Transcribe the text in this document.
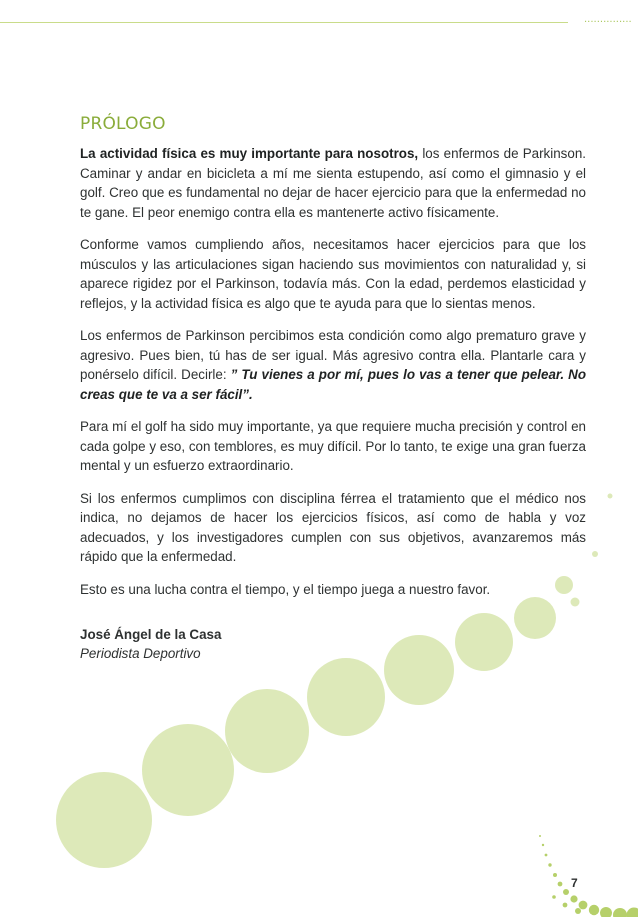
...............
PRÓLOGO

La actividad física es muy importante para nosotros, los enfermos de Parkinson. Caminar y andar en bicicleta a mí me sienta estupendo, así como el gimnasio y el golf. Creo que es fundamental no dejar de hacer ejercicio para que la enfermedad no te gane. El peor enemigo contra ella es mantenerte activo físicamente.

Conforme vamos cumpliendo años, necesitamos hacer ejercicios para que los músculos y las articulaciones sigan haciendo sus movimientos con naturalidad y, si aparece rigidez por el Parkinson, todavía más. Con la edad, perdemos elasticidad y reflejos, y la actividad física es algo que te ayuda para que lo sientas menos.

Los enfermos de Parkinson percibimos esta condición como algo prematuro grave y agresivo. Pues bien, tú has de ser igual. Más agresivo contra ella. Plantarle cara y ponérselo difícil. Decirle: ” Tu vienes a por mí, pues lo vas a tener que pelear. No creas que te va a ser fácil”.

Para mí el golf ha sido muy importante, ya que requiere mucha precisión y control en cada golpe y eso, con temblores, es muy difícil. Por lo tanto, te exige una gran fuerza mental y un esfuerzo extraordinario.

Si los enfermos cumplimos con disciplina férrea el tratamiento que el médico nos indica, no dejamos de hacer los ejercicios físicos, así como de habla y voz adecuados, y los investigadores cumplen con sus objetivos, avanzaremos más rápido que la enfermedad.

Esto es una lucha contra el tiempo, y el tiempo juega a nuestro favor.

José Ángel de la Casa
Periodista Deportivo
7
